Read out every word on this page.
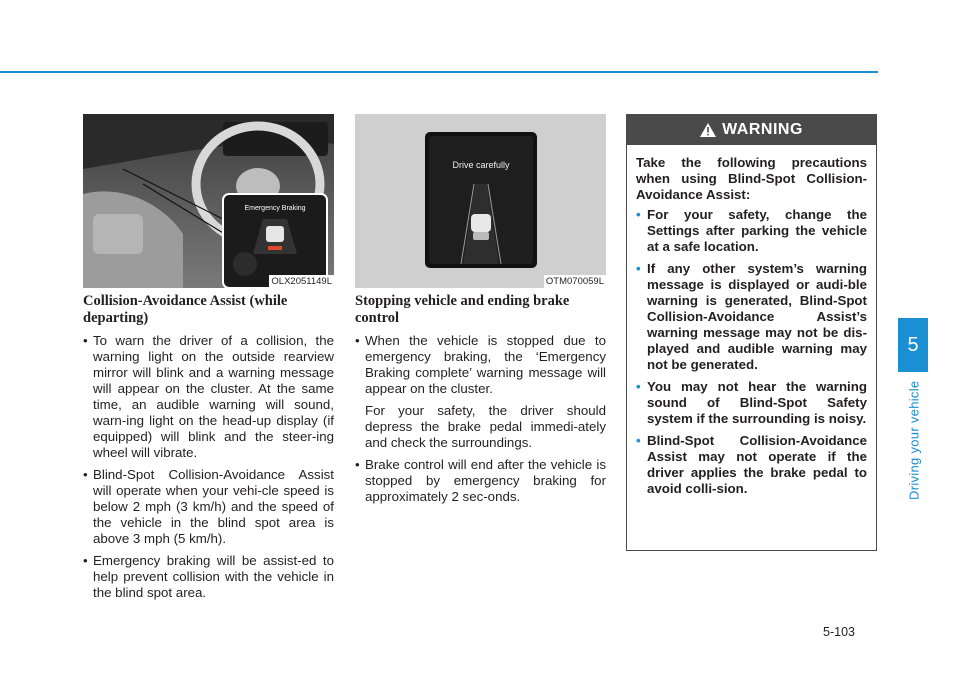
5
Driving your vehicle
Emergency Braking
OLX2051149L
Drive carefully
OTM070059L
Collision-Avoidance Assist (while departing)
• To warn the driver of a collision, the warning light on the outside rearview mirror will blink and a warning message will appear on the cluster. At the same time, an audible warning will sound, warn-ing light on the head-up display (if equipped) will blink and the steer-ing wheel will vibrate.
• Blind-Spot Collision-Avoidance Assist will operate when your vehi-cle speed is below 2 mph (3 km/h) and the speed of the vehicle in the blind spot area is above 3 mph (5 km/h).
• Emergency braking will be assist-ed to help prevent collision with the vehicle in the blind spot area.
Stopping vehicle and ending brake control
• When the vehicle is stopped due to emergency braking, the ‘Emergency Braking complete’ warning message will appear on the cluster.

For your safety, the driver should depress the brake pedal immedi-ately and check the surroundings.

• Brake control will end after the vehicle is stopped by emergency braking for approximately 2 sec-onds.
WARNING

Take the following precautions when using Blind-Spot Collision-Avoidance Assist:

• For your safety, change the Settings after parking the vehicle at a safe location.
• If any other system’s warning message is displayed or audi-ble warning is generated, Blind-Spot Collision-Avoidance Assist’s warning message may not be dis-played and audible warning may not be generated.
• You may not hear the warning sound of Blind-Spot Safety system if the surrounding is noisy.
• Blind-Spot Collision-Avoidance Assist may not operate if the driver applies the brake pedal to avoid colli-sion.
5-103
